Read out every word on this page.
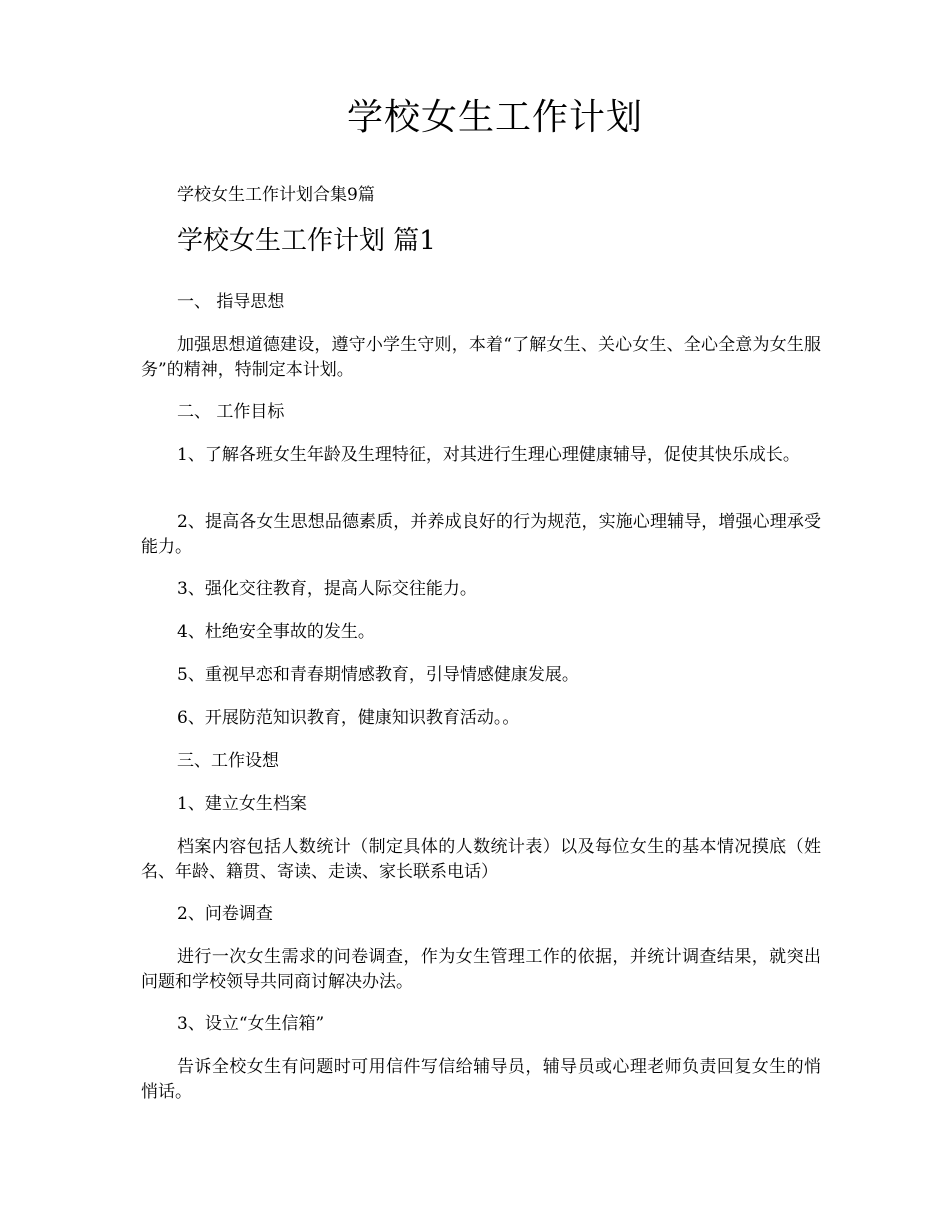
学校女生工作计划
学校女生工作计划合集9篇
学校女生工作计划 篇1
一、 指导思想
加强思想道德建设，遵守小学生守则，本着“了解女生、关心女生、全心全意为女生服务”的精神，特制定本计划。
二、 工作目标
1、了解各班女生年龄及生理特征，对其进行生理心理健康辅导，促使其快乐成长。
2、提高各女生思想品德素质，并养成良好的行为规范，实施心理辅导，增强心理承受能力。
3、强化交往教育，提高人际交往能力。
4、杜绝安全事故的发生。
5、重视早恋和青春期情感教育，引导情感健康发展。
6、开展防范知识教育，健康知识教育活动。。
三、工作设想
1、建立女生档案
档案内容包括人数统计（制定具体的人数统计表）以及每位女生的基本情况摸底（姓名、年龄、籍贯、寄读、走读、家长联系电话）
2、问卷调查
进行一次女生需求的问卷调查，作为女生管理工作的依据，并统计调查结果，就突出问题和学校领导共同商讨解决办法。
3、设立“女生信箱”
告诉全校女生有问题时可用信件写信给辅导员，辅导员或心理老师负责回复女生的悄悄话。
